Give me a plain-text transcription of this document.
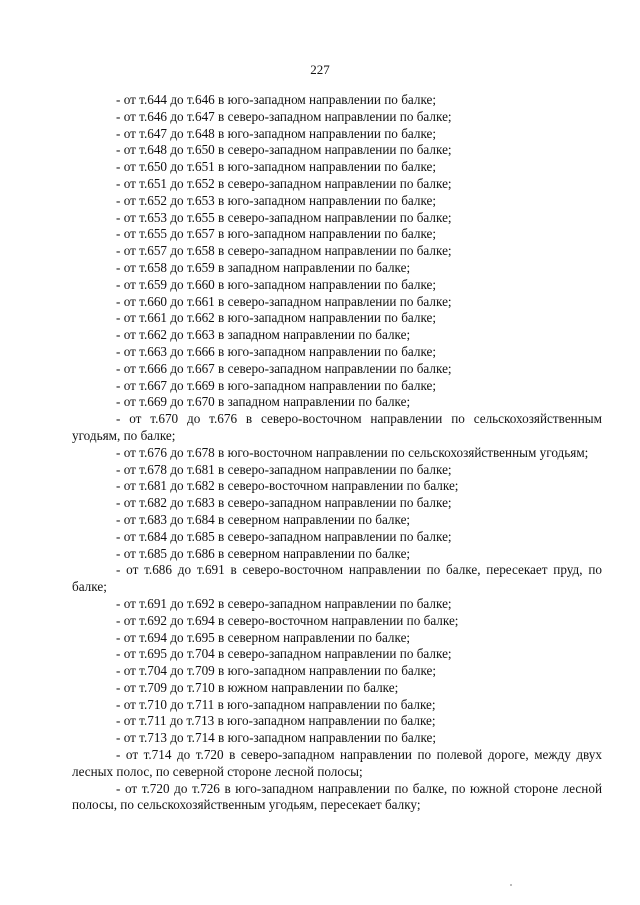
227

- от т.644 до т.646 в юго-западном направлении по балке;

- от т.646 до т.647 в северо-западном направлении по балке;

- от т.647 до т.648 в юго-западном направлении по балке;

- от т.648 до т.650 в северо-западном направлении по балке;

- от т.650 до т.651 в юго-западном направлении по балке;

- от т.651 до т.652 в северо-западном направлении по балке;

- от т.652 до т.653 в юго-западном направлении по балке;

- от т.653 до т.655 в северо-западном направлении по балке;

- от т.655 до т.657 в юго-западном направлении по балке;

- от т.657 до т.658 в северо-западном направлении по балке;

- от т.658 до т.659 в западном направлении по балке;

- от т.659 до т.660 в юго-западном направлении по балке;

- от т.660 до т.661 в северо-западном направлении по балке;

- от т.661 до т.662 в юго-западном направлении по балке;

- от т.662 до т.663 в западном направлении по балке;

- от т.663 до т.666 в юго-западном направлении по балке;

- от т.666 до т.667 в северо-западном направлении по балке;

- от т.667 до т.669 в юго-западном направлении по балке;

- от т.669 до т.670 в западном направлении по балке;

- от т.670 до т.676 в северо-восточном направлении по сельскохозяйственным угодьям, по балке;

- от т.676 до т.678 в юго-восточном направлении по сельскохозяйственным угодьям;

- от т.678 до т.681 в северо-западном направлении по балке;

- от т.681 до т.682 в северо-восточном направлении по балке;

- от т.682 до т.683 в северо-западном направлении по балке;

- от т.683 до т.684 в северном направлении по балке;

- от т.684 до т.685 в северо-западном направлении по балке;

- от т.685 до т.686 в северном направлении по балке;

- от т.686 до т.691 в северо-восточном направлении по балке, пересекает пруд, по балке;

- от т.691 до т.692 в северо-западном направлении по балке;

- от т.692 до т.694 в северо-восточном направлении по балке;

- от т.694 до т.695 в северном направлении по балке;

- от т.695 до т.704 в северо-западном направлении по балке;

- от т.704 до т.709 в юго-западном направлении по балке;

- от т.709 до т.710 в южном направлении по балке;

- от т.710 до т.711 в юго-западном направлении по балке;

- от т.711 до т.713 в юго-западном направлении по балке;

- от т.713 до т.714 в юго-западном направлении по балке;

- от т.714 до т.720 в северо-западном направлении по полевой дороге, между двух лесных полос, по северной стороне лесной полосы;

- от т.720 до т.726 в юго-западном направлении по балке, по южной стороне лесной полосы, по сельскохозяйственным угодьям, пересекает балку;
